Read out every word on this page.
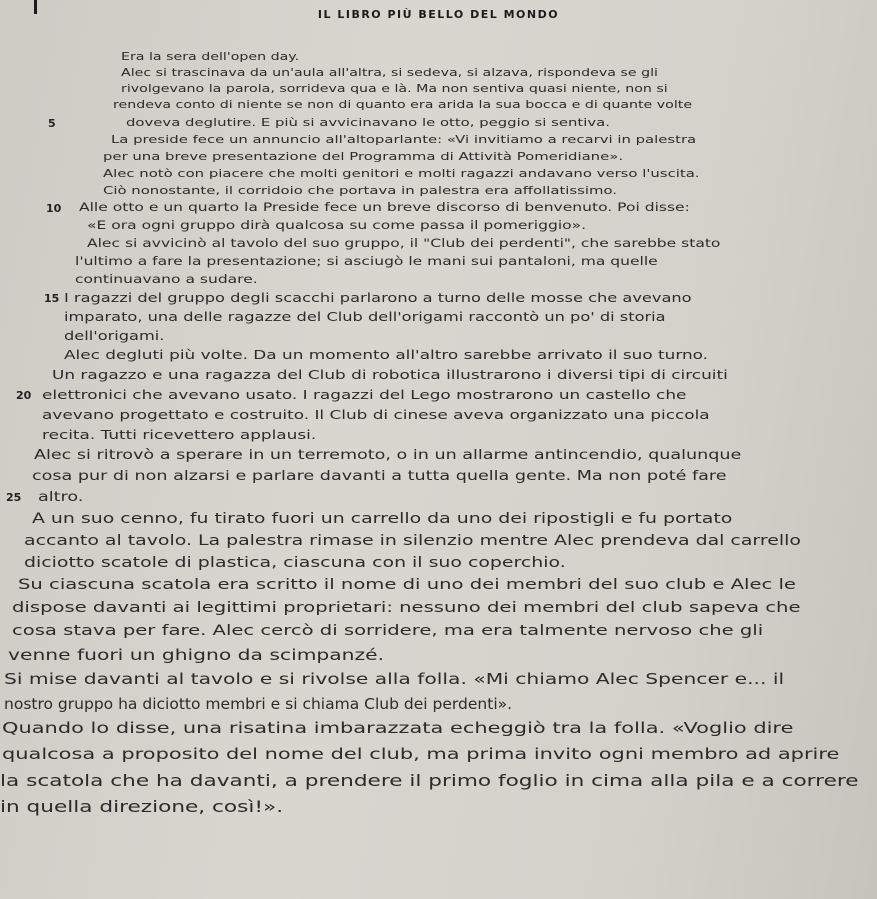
IL LIBRO PIÙ BELLO DEL MONDO
Era la sera dell'open day.
Alec si trascinava da un'aula all'altra, si sedeva, si alzava, rispondeva se gli
rivolgevano la parola, sorrideva qua e là. Ma non sentiva quasi niente, non si
rendeva conto di niente se non di quanto era arida la sua bocca e di quante volte
doveva deglutire. E più si avvicinavano le otto, peggio si sentiva.
La preside fece un annuncio all'altoparlante: «Vi invitiamo a recarvi in palestra
per una breve presentazione del Programma di Attività Pomeridiane».
Alec notò con piacere che molti genitori e molti ragazzi andavano verso l'uscita.
Ciò nonostante, il corridoio che portava in palestra era affollatissimo.
Alle otto e un quarto la Preside fece un breve discorso di benvenuto. Poi disse:
«E ora ogni gruppo dirà qualcosa su come passa il pomeriggio».
Alec si avvicinò al tavolo del suo gruppo, il "Club dei perdenti", che sarebbe stato
l'ultimo a fare la presentazione; si asciugò le mani sui pantaloni, ma quelle
continuavano a sudare.
I ragazzi del gruppo degli scacchi parlarono a turno delle mosse che avevano
imparato, una delle ragazze del Club dell'origami raccontò un po' di storia
dell'origami.
Alec degluti più volte. Da un momento all'altro sarebbe arrivato il suo turno.
Un ragazzo e una ragazza del Club di robotica illustrarono i diversi tipi di circuiti
elettronici che avevano usato. I ragazzi del Lego mostrarono un castello che
avevano progettato e costruito. Il Club di cinese aveva organizzato una piccola
recita. Tutti ricevettero applausi.
Alec si ritrovò a sperare in un terremoto, o in un allarme antincendio, qualunque
cosa pur di non alzarsi e parlare davanti a tutta quella gente. Ma non poté fare
altro.
A un suo cenno, fu tirato fuori un carrello da uno dei ripostigli e fu portato
accanto al tavolo. La palestra rimase in silenzio mentre Alec prendeva dal carrello
diciotto scatole di plastica, ciascuna con il suo coperchio.
Su ciascuna scatola era scritto il nome di uno dei membri del suo club e Alec le
dispose davanti ai legittimi proprietari: nessuno dei membri del club sapeva che
cosa stava per fare. Alec cercò di sorridere, ma era talmente nervoso che gli
venne fuori un ghigno da scimpanzé.
Si mise davanti al tavolo e si rivolse alla folla. «Mi chiamo Alec Spencer e... il
nostro gruppo ha diciotto membri e si chiama Club dei perdenti».
Quando lo disse, una risatina imbarazzata echeggiò tra la folla. «Voglio dire
qualcosa a proposito del nome del club, ma prima invito ogni membro ad aprire
la scatola che ha davanti, a prendere il primo foglio in cima alla pila e a correre
in quella direzione, così!».
5
10
15
20
25
